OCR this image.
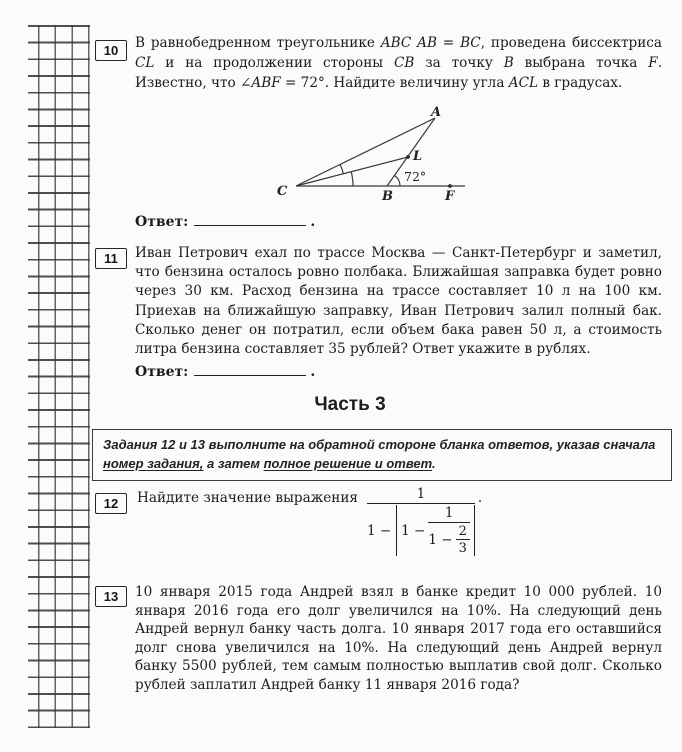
10	В равнобедренном треугольнике ABC AB = BC, проведена биссектриса CL и на продолжении стороны CB за точку B выбрана точка F. Известно, что ∠ABF = 72°. Найдите величину угла ACL в градусах.

A
B
C	F
L
72°
Ответ:	.
11	Иван Петрович ехал по трассе Москва — Санкт-Петербург и заметил, что бензина осталось ровно полбака. Ближайшая заправка будет ровно через 30 км. Расход бензина на трассе составляет 10 л на 100 км. Приехав на ближайшую заправку, Иван Петрович залил полный бак. Сколько денег он потратил, если объем бака равен 50 л, а стоимость литра бензина составляет 35 рублей? Ответ укажите в рублях.

Ответ:	.
Часть 3
Задания 12 и 13 выполните на обратной стороне бланка ответов, указав сначала номер задания, а затем полное решение и ответ.
12	Найдите значение выражения	1
$1 - 1 - \frac{1}{1 - \frac{2}{3}}$
.
13	10 января 2015 года Андрей взял в банке кредит 10 000 рублей. 10 января 2016 года его долг увеличился на 10%. На следующий день Андрей вернул банку часть долга. 10 января 2017 года его оставшийся долг снова увеличился на 10%. На следующий день Андрей вернул банку 5500 рублей, тем самым полностью выплатив свой долг. Сколько рублей заплатил Андрей банку 11 января 2016 года?
